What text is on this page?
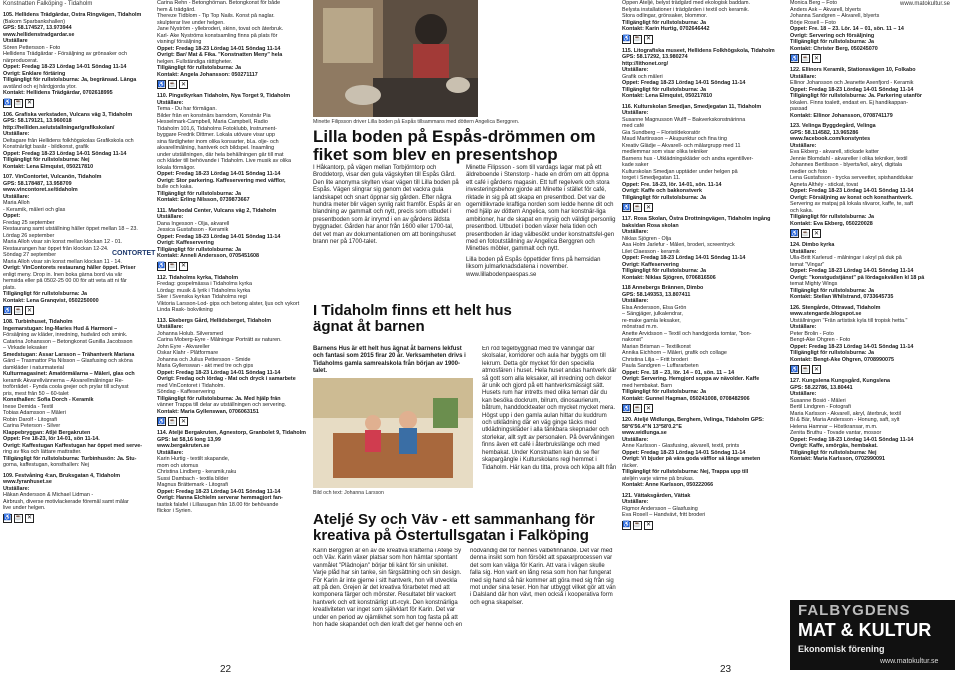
Konstnatten Falköping - Tidaholm
105. Hellidens Trädgårdar, Östra Ringvägen, Tidaholm
(Bakom Sparbankshallen)
GPS: 58.174527, 13.973944
www.hellidenstradgardar.se
Utställare
Sören Pettersson - Foto
Hellidens Trädgårdar - Försäljning av grönsaker och
närproducerat.
Öppet: Fredag 18-23 Lördag 14-01 Söndag 11-14
Övrigt: Enklare förtäring
Tillgängligt för rullstolsburna: Ja, begränsad. Långa
avstånd och ej hårdgjorda ytor.
Kontakt: Hellidens Trädgårdar, 0702618995
♿ ☕ ✕
106. Grafiska verkstaden, Vulcans väg 3, Tidaholm
GPS: 58.179121, 13.960018
http://helliden.se/utstallningar/grafikskolan/
Utställare:
Deltagare från Hellidens folkhögskolas Grafikskola och
Konstnärligt basår - bildkonst, grafik
Öppet: Fredag 18-23 Lördag 14-01 Söndag 11-14
Tillgängligt för rullstolsburna: Nej
Kontakt: Lena Elmquist, 050217810
107. VinContortet, Vulcanön, Tidaholm
GPS: 58.178487, 13.958709
www.vincontoret.se/tidaholm
Utställare:
Maria Alloh
- Keramik, måleri och glas
Öppet:
Fredag 25 september
Restaurang samt utställning håller öppet mellan 18 – 23.
Lördag 26 september
Maria Alloh visar sin konst mellan klockan 12 - 01.
Restaurangen har öppet från klockan 12-24.
Söndag 27 september
Maria Alloh visar sin konst mellan klockan 11 - 14.
Övrigt: VinContorets restaurang håller öppet. Priser
enligt meny. Drop in. Inen boka gärna bord via vår
hemsida eller på 0502-25 00 00 för att veta att ni får
plats.
Tillgängligt för rullstolsburna: Ja
Kontakt: Lena Granqvist, 0502250000
♿ ☕ ✕
108. Turbinhuset, Tidaholm
Ingemarstugan: Ing-Maries Hud & Harmoni –
Försäljning av kläder, inredning, hudvård och smink.
Catarina Johansson – Betongkonst Gunilla Jacobsson
– Virkade leksaker
Smedstugan: Assar Larsson – Trähantverk Mariana
Gärd – Trasmattor Pia Nilsson – Glasfusing och sköna
damkläder i naturmaterial
Kulturmagasinet: Amatörmålarna – Måleri, glas och
keramik Akvarellvännerna – Akvarellmålningar Re-
troförrådet - Fynda coola grejer och prylar till schysst
pris, mest från 50 – 60-talet
Konsthallen: Sofia Dorch - Keramik
Inese Demida - Textil
Tobias Adamsson – Måleri
Robin Darolf - Litografi
Carina Peterson - Silver
Klappebryggan: Atljé Bergakruten
Öppet: Fre 18-23, lör 14-01, sön 11-14.
Övrigt: Kaffestugan Kaffestugan har öppet med serve-
ring av fika och lättare mattratter.
Tillgängligt för rullstolsburna: Turbinhusön: Ja. Stu-
gorna, kaffestugan, konsthallen: Nej
109. Festvåning 4:an, Bruksgatan 4, Tidaholm
www.fyranhuset.se
Utställare:
Håkan Andersson & Michael Lidman -
Airbrush, diverse motivlackerade föremål samt målar
live under helgen.
♿ ☕ ✕
Carina Rehn - Betonghörnan. Betongkonst för både
hem & trädgård.
Thereze Tidblom - Tip Top Nails. Konst på naglar.
skulpterar live under helgen.
Jane Nyström - yllebroderi, skinn, tovat och återbruk.
Karl- Åke Nyströms konstsamling finns på plats för
visning/ försäljning
Öppet: Fredag 18-23 Lördag 14-01 Söndag 11-14
Övrigt: Bar/ Mat & Fika. "Konstnatten Meny" hela
helgen. Fullständiga rättigheter.
Tillgängligt för rullstolsburna: Ja
Kontakt: Angela Johansson: 050271117
♿ ☕ ✕
110. Pingstkyrkan Tidaholm, Nya Torget 9, Tidaholm
Utställare:
Tema - Du har förmågan.
Bilder från en konstnärs barndom, Konstnär Pia
Hesselmark-Campbell, Maria Campbell, Radio
Tidaholm 101,6, Tidaholms Fotoklubb, Instrument-
byggare Fredrik Dittmer. Lokala utövare visar upp
sina färdigheter inom olika konsarter, bl.a. olje- och
akvarellmålning, hantverk och bildspel. Insamling
under utställningen, där hela behållningen går till mat
och kläder till behövande i Tidaholm. Live musik av olika
lokala förmågor.
Öppet: Fredag 18-23 Lördag 14-01 Söndag 11-14
Övrigt: Stor parkering. Kaffeservering med våfflor,
bulle och kaka.
Tillgängligt för rullstolsburna: Ja
Kontakt: Erling Nilsson, 0739873667
111. Marbodal Center, Vulcans väg 2, Tidaholm
Utställare:
Dana Ingesson - Olja, akvarell
Jessica Gustafsson - Keramik
Öppet: Fredag 18-23 Lördag 14-01 Söndag 11-14
Övrigt: Kaffeservering
Tillgängligt för rullstolsburna: Ja
Kontakt: Anneli Andersson, 0705451608
♿ ☕ ✕
112. Tidaholms kyrka, Tidaholm
Fredag: gospelmässa i Tidaholms kyrka
Lördag: musik & lyrik i Tidaholms kyrka
Sker i Svenska kyrkan Tidaholms regi
Viktoria Larsson-Lod- gips och betong alster, ljus och vykort
Linda Rask- bokvikning
113. Ekebergs Gård, Hellidsberget, Tidaholm
Utställare:
Johanna Holub. Silversmed
Carina Moberg-Eyre - Målningar Porträtt av naturen.
John Eyre - Akvareller
Oskar Klahr - Plåtformare
Johanna och Julius Pettersson - Smide
Maria Gyllenswan - akt med tre och gips
Öppet: Fredag 18-23 Lördag 14-01 Söndag 11-14
Övrigt: Fredag och lördag - Mat och dryck i samarbete
med VinContoret i Tidaholm.
Söndag - Kaffeservering
Tillgängligt för rullstolsburna: Ja. Med hjälp från
vänner Trappa till delar av utställningen och servering.
Kontakt: Maria Gyllenswan, 0706063151
♿ ☕ ✕
114. Ateljé Bergakruten, Agnestorp, Granbolet 9, Tidaholm
GPS: lat 58,16 long 13,99
www.bergakruten.se
Utställare:
Karin Hurtig - textilt skapande,
mom och utomus
Christina Lindberg - keramik,raku
Sussi Dambach - textila bilder
Magnus Brättemark - Litografi
Öppet: Fredag 18-23 Lördag 14-01 Söndag 11-14
Övrigt: Hanna Elchielm serverar hemmagjort fan-
tastisk falafel i Lillasugan från 18.00 för behövande
flickor i Syrien.
CONTORTET
Minette Filipsson driver Lilla boden på Espås tillsammans med döttern Angelica Berggren.
Lilla boden på Espås-drömmen om fiket som blev en presentshop

I Håkantorp, på vägen mellan Torbjörntorp och Broddetorp, visar den gula vägskylten till Espås Gård. Den lite anonyma skylten visar vägen till Lilla boden på Espås. Vägen slingrar sig genom det vackra gula landskapet och snart öppnar sig gården. Efter några hundra meter blir vägen synlig rakt framför. Espås är en blandning av gammalt och nytt, precis som utbudet i presentboden som är inrymd i en av gårdens äldsta byggnader. Gården har anor från 1600 eller 1700-tal, det vet man av dokumentationen om att boningshuset brann ner på 1700-talet.

22

Minette Filipsson - som till vardags lagar mat på ett äldreboende i Stenstorp - hade en dröm om att öppna ett café i gårdens magasin. Ett tuff regelverk och stora investeringsbehov gjorde att Minette i stället för café, riktade in sig på att skapa en presentbod. Det var de ogemitlikvrade kraftiga norden som ledde henne dit och med hjälp av döttern Angelica, som har konstnär-liga ambitioner, har de skapat en mysig och väldigt personlig presentbod. Utbudet i boden växer hela tiden och presentboden är idag välbesökt under konstnattsfel-gen med en fotoutställning av Angelica Berggren och Minettes möbler, gammalt och nytt.

Lilla boden på Espås öppettider finns på hemsidan liksom julmarknadsdatena i november. www.lillabodenpaespas.se

I Tidaholm finns ett helt hus ägnat åt barnen
Barnens Hus är ett helt hus ägnat åt barnens lekfust och fantasi som 2015 firar 20 år. Verksamheten drivs i Tidaholms gamla samrealskola från början av 1900-talet.
Bild och text: Johanna Larsson
En röd tegelbyggnad med tre våningar där skolsalar, korridorer och aula har byggts om till lekrum. Detta gör mycket för den speciella atmosfären i huset. Hela huset andas hantverk där så gott som alla leksaker, all inredning och dekor är unik och gjord på ett hantverksmässigt sätt. Husets rum har intretts med olika teman där du kan besöka dockrum, bilrum, dinosaurierum, båtrum, handdockteater och mycket mycket mera. Högst upp i den gamla aulan hittar du kuddrum och utklädning där en väg ginge täcks med utklädningskläder i alla tänkbara skepnader och storlekar, allt sytt av personalen. På övervåningen finns även ett café i återbrukslänge och med hembakat. Under Konstnatten kan du se fler skapargängle i Kulturskolans regi hemmet i Tidaholm. Här kan du titta, prova och köpa allt från
Ateljé Sy och Väv - ett sammanhang för kreativa på Östertullsgatan i Falköping
Karin Berggren är en av de kreativa krafterna i Ateljé Sy och Väv. Karin växer platsar som hon hämtar spontant vanmålet "Plädnojan" börjar bli känt för sin unikitet. Varje plåd har sin tanke, sin färgsättning och sin design. För Karin är inte gjerne i sitt hantverk, hon vill utveckla att på den. Grejen är det kreativa förarbetet med att komponera färger och mönster. Resultatet blir vackert hantverk och ett konstnärligt utt-rcyk. Den konstnärliga kreativiteten var inget som självklart för Karin. Det var under en period av ojämlikhet som hon tog fasta på att hon hade skapandet och den kraft det ger henne och en
nödvändig del för hennes välbefinnande. Det var med denna insikt som hon försökt att spaxarprocessen var det som kan välga för Karin. Att vara i vägen skulle falla sig. Hon varit en lång resa som hon har fungerat med sig hand så här kommer att göra med sig från sig mot under sina teser. Hon har utbyggt vilket gör att vän i Dalsland där hon vävt, men också i kooperativa form och egna skapelser.
www.matokultur.se
Öppen Ateljé, belyst trädgård med ekologisk baddam.
Belysta installationer i trädgården i textil och keramik.
Stora odlingar, grönsaker, blommor.
Tillgängligt för rullstolsburna: Ja
Kontakt: Karin Hurtig, 0702646442
♿ ☕ ✕
115. Litografiska museet, Hellidens Folkhögskola, Tidaholm
GPS: 58.17292, 13.980274
http://lithonet.org/
Utställare:
Grafik och måleri
Öppet: Fredag 18-23 Lördag 14-01 Söndag 11-14
Tillgängligt för rullstolsburna: Ja
Kontakt: Lena Elmquist, 050217810
116. Kulturskolan Smedjan, Smedjegatan 11, Tidaholm
Utställare:
Susanne Magnusson Wulff – Bakverkskonstnärinna
med café
Gia Sundberg – Florist/dekoratör
Maud Martinsson – Akupunktur och fina ting
Kreativ Glädje – Akvarell- och målargrupp med 11
medlemmar som visar olika tekniker
Barnens hus - Utklädningskläder och andra egentillver-
kade saker
Kulturskolan Smedjan upptäder under helgen på
torget i Smedjegatan 11.
Öppet: Fre. 18-23, lör. 14-01, sön. 11-14
Övrigt: Kaffe och bakkonstverk
Tillgängligt för rullstolsburna: Ja
♿ ☕ ✕
117. Rosa Skolan, Östra Drottningvägen, Tidaholm ingång baksidan Rosa skolan
Utställare:
Niklas Sjögren - Olja
Åsa Holm Jarlefur - Måleri, broderi, screentryck
Lilet Claesson - keramik
Öppet: Fredag 18-23 Lördag 14-01 Söndag 11-14
Övrigt: Kaffeservering
Tillgängligt för rullstolsburna: Ja
Kontakt: Niklas Sjögren, 0706816506
118 Annebergs Brännen, Dimbo
GPS: 58.149353, 13.807411
Utställare:
Elsa Andersson, Elsa Grön
– Sängjäger, julkalendrar,
re-make gamla leksaker,
mönstrad m.m.
Anette Arvidsson – Textil och handgjorda tomtar, "bon-
nakonst"
Marian Brisman – Textilkonst
Annika Eichhorn – Måleri, grafik och collage
Christina Lilja – Fritt broderi
Paula Sandgren – Luffararbeten
Öppet: Fre. 18 – 23, lör. 14 – 01, sön. 11 – 14
Övrigt: Servering. Hemgjord soppa av nävolder. Kaffe
med hembakat. Barn
Tillgängligt för rullstolsburna: Ja
Kontakt: Gunnel Hagman, 050241008, 0708482906
♿ ☕ ✕
120. Ateljé Widlunga, Berghem, Velinga, Tidaholm GPS: 58°6'56.4"N 13°58'0.2"E
www.widlunga.se
Utställare:
Anne Karlsson - Glasfusing, akvarell, textil, prints
Öppet: Fredag 18-23 Lördag 14-01 Söndag 11-14
Övrigt: Vi bjuder på våra goda våfflor så länge smeten
räcker.
Tillgängligt för rullstolsburna: Nej, Trappa upp till
ateljén varje värme på brukas.
Kontakt: Anne Karlsson, 050222066
121. Vättaksgården, Vättak
Utställare:
Rigmor Andersson – Glasfusing
Eva Rosell – Handvävt, fritt broderi
♿ ☕ ✕
Monica Berg – Foto
Anders Ask – Akvarell, blyerts
Johanna Sandgren – Akvarell, blyerts
Börje Rosell – Foto
Öppet: Fre. 18 – 23. Lör. 14 – 01, sön. 11 – 14
Övrigt: Servering och försäljning
Tillgängligt för rullstolsburna: Ja
Kontakt: Christer Berg, 050245070
♿ ☕ ✕
122. Ellinors Keramik, Stationsvägen 10, Folkabo
Utställare:
Ellinor Johansson och Jeanette Axenfjord - Keramik
Öppet: Fredag 18-23 Lördag 14-01 Söndag 11-14
Tillgängligt för rullstolsburna: Ja. Parkering utanför
lokalen. Finns toalett, endast en. Ej handikappan-
passad
Kontakt: Ellinor Johansson, 0708741179
123. Velinga Byggdegård, Velinga
GPS: 58.114582, 13.965286
www.facebook.com/konstyntes
Utställare:
Eva Ekberg - akvarell, stickade katter
Jennie Blomdahl - akvareller i olika tekniker, textil
Johannes Bertilsson - blyerts/kol, akryl, digitala
medier och foto
Lena Gustafsson - trycka serveetter, spishanddukar
Agneta Althéy - stickat, tovat
Öppet: Fredag 18-23 Lördag 14-01 Söndag 11-14
Övrigt: Försäljning av konst och konsthantverk.
Servering av matpaj på lokala råvaror, kaffe, te, saft
och kaka.
Tillgängligt för rullstolsburna: Ja
Kontakt: Eva Ekberg, 050220028
♿ ☕ ✕
124. Dimbo kyrka
Utställare:
Ulla-Britt Karlerud - målningar i akryl på duk på
temat "Vingar"
Öppet: Fredag 18-23 Lördag 14-01 Söndag 11-14
Övrigt: "konstgudstjänst" på lördagskvällen kl 18 på
temat Mighty Wings
Tillgängligt för rullstolsburna: Ja
Kontakt: Stellan Whilstrand, 0733645735
126. Stengårde, Ottravad, Tidaholm
www.stengarde.blogspot.se
Utställningen "Från artistisk kyla till tropisk hetta."
Utställare:
Peter Brolin - Foto
Bengt-Åke Öhgren - Foto
Öppet: Fredag 18-23 Lördag 14-01 Söndag 11-14
Tillgängligt för rullstolsburna: Ja
Kontakt: Bengt-Åke Öhgren, 0708990075
♿ ☕ ✕
127. Kungslena Kungsgård, Kungslena
GPS: 58.22786, 13.80441
Utställare:
Susanne Bosiö - Måleri
Bertil Lindgren - Fotografi
Maria Karlsson - Akvarell, akryl, återbruk, textil
Bi & Bär, Maria Andersson - Honung, saft, sylt
Helena Hamnar – Höstkransar, m.m.
Zenita Bruthu - Tovade vantar, mossor
Öppet: Fredag 18-23 Lördag 14-01 Söndag 11-14
Övrigt: Kaffe, smörgås, hembakat.
Tillgängligt för rullstolsburna: Nej
Kontakt: Maria Karlsson, 0702990091
23
FALBYGDENS
MAT & KULTUR
Ekonomisk förening
www.matokultur.se
